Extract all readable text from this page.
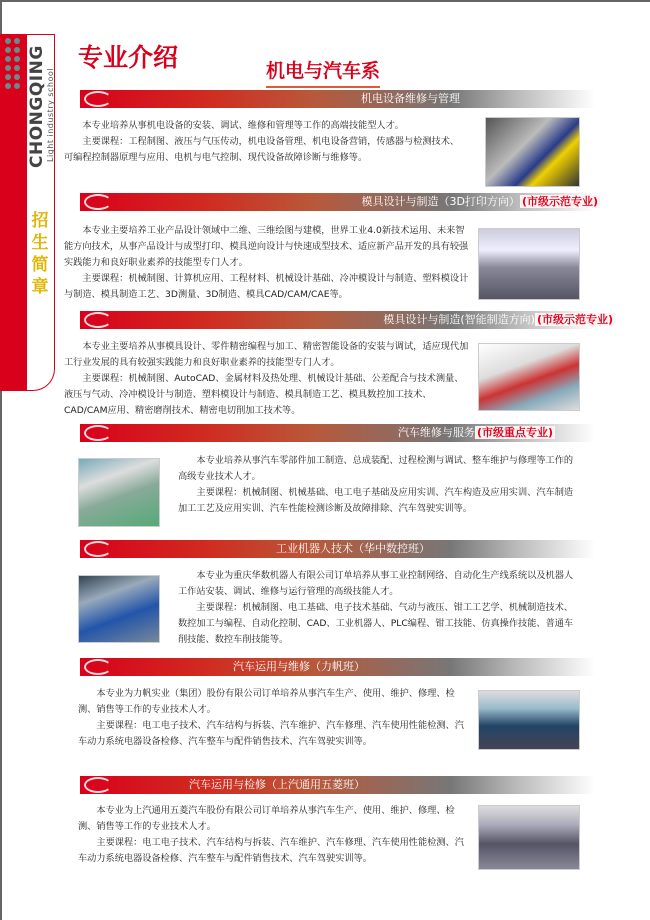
CHONGQING Light industry school
招生简章
专业介绍	机电与汽车系
机电设备维修与管理

本专业培养从事机电设备的安装、调试、维修和管理等工作的高端技能型人才。

主要课程：工程制图、液压与气压传动，机电设备管理、机电设备营销，传感器与检测技术、可编程控制器原理与应用、电机与电气控制、现代设备故障诊断与维修等。

模具设计与制造（3D打印方向） (市级示范专业)

本专业主要培养工业产品设计领域中二维、三维绘图与建模，世界工业4.0新技术运用、未来智能方向技术，从事产品设计与成型打印、模具逆向设计与快速成型技术、适应新产品开发的具有较强实践能力和良好职业素养的技能型专门人才。

主要课程：机械制图、计算机应用、工程材料、机械设计基础、冷冲模设计与制造、塑料模设计与制造、模具制造工艺、3D测量、3D制造、模具CAD/CAM/CAE等。

模具设计与制造(智能制造方向) (市级示范专业)

本专业主要培养从事模具设计、零件精密编程与加工、精密智能设备的安装与调试，适应现代加工行业发展的具有较强实践能力和良好职业素养的技能型专门人才。

主要课程：机械制图、AutoCAD、金属材料及热处理、机械设计基础、公差配合与技术测量、液压与气动、冷冲模设计与制造、塑料模设计与制造、模具制造工艺、模具数控加工技术、CAD/CAM应用、精密磨削技术、精密电切削加工技术等。

汽车维修与服务 (市级重点专业)

本专业培养从事汽车零部件加工制造、总成装配、过程检测与调试、整车维护与修理等工作的高级专业技术人才。

主要课程：机械制图、机械基础、电工电子基础及应用实训、汽车构造及应用实训、汽车制造加工工艺及应用实训、汽车性能检测诊断及故障排除、汽车驾驶实训等。

工业机器人技术（华中数控班）

本专业为重庆华数机器人有限公司订单培养从事工业控制网络、自动化生产线系统以及机器人工作站安装、调试、维修与运行管理的高级技能人才。

主要课程：机械制图、电工基础、电子技术基础、气动与液压、钳工工艺学、机械制造技术、数控加工与编程、自动化控制、CAD、工业机器人、PLC编程、钳工技能、仿真操作技能、普通车削技能、数控车削技能等。

汽车运用与维修（力帆班）

本专业为力帆实业（集团）股份有限公司订单培养从事汽车生产、使用、维护、修理、检测、销售等工作的专业技术人才。

主要课程：电工电子技术、汽车结构与拆装、汽车维护、汽车修理、汽车使用性能检测、汽车动力系统电器设备检修、汽车整车与配件销售技术、汽车驾驶实训等。

汽车运用与检修（上汽通用五菱班）

本专业为上汽通用五菱汽车股份有限公司订单培养从事汽车生产、使用、维护、修理、检测、销售等工作的专业技术人才。

主要课程：电工电子技术、汽车结构与拆装、汽车维护、汽车修理、汽车使用性能检测、汽车动力系统电器设备检修、汽车整车与配件销售技术、汽车驾驶实训等。
